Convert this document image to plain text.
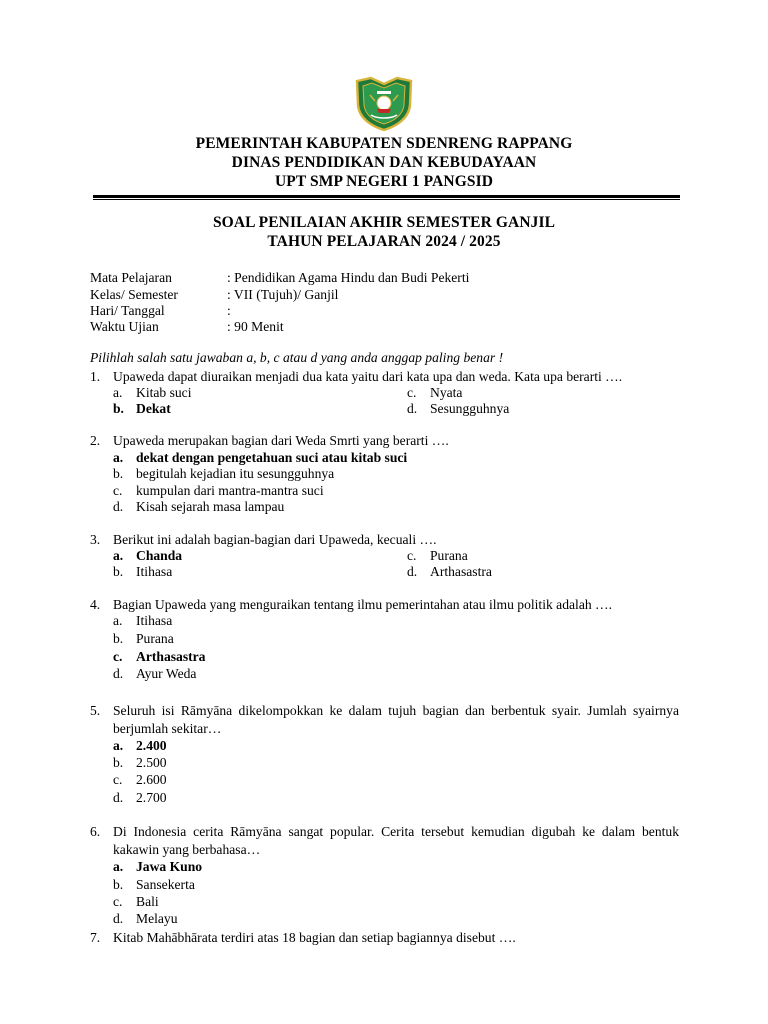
PEMERINTAH KABUPATEN SDENRENG RAPPANG
DINAS PENDIDIKAN DAN KEBUDAYAAN
UPT SMP NEGERI 1 PANGSID
SOAL PENILAIAN AKHIR SEMESTER GANJIL
TAHUN PELAJARAN 2024 / 2025
Mata Pelajaran	: Pendidikan Agama Hindu dan Budi Pekerti
Kelas/ Semester	: VII (Tujuh)/ Ganjil
Hari/ Tanggal	:
Waktu Ujian	: 90 Menit
Pilihlah salah satu jawaban a, b, c atau d yang anda anggap paling benar !
1. Upaweda dapat diuraikan menjadi dua kata yaitu dari kata upa dan weda. Kata upa berarti ….
a. Kitab suci
b. Dekat
c. Nyata
d. Sesungguhnya
2. Upaweda merupakan bagian dari Weda Smrti yang berarti ….
a. dekat dengan pengetahuan suci atau kitab suci
b. begitulah kejadian itu sesungguhnya
c. kumpulan dari mantra-mantra suci
d. Kisah sejarah masa lampau
3. Berikut ini adalah bagian-bagian dari Upaweda, kecuali ….
a. Chanda
b. Itihasa
c. Purana
d. Arthasastra
4. Bagian Upaweda yang menguraikan tentang ilmu pemerintahan atau ilmu politik adalah ….
a. Itihasa
b. Purana
c. Arthasastra
d. Ayur Weda
5. Seluruh isi Rāmyāna dikelompokkan ke dalam tujuh bagian dan berbentuk syair. Jumlah syairnya berjumlah sekitar…
a. 2.400
b. 2.500
c. 2.600
d. 2.700
6. Di Indonesia cerita Rāmyāna sangat popular. Cerita tersebut kemudian digubah ke dalam bentuk kakawin yang berbahasa…
a. Jawa Kuno
b. Sansekerta
c. Bali
d. Melayu
7. Kitab Mahābhārata terdiri atas 18 bagian dan setiap bagiannya disebut ….
